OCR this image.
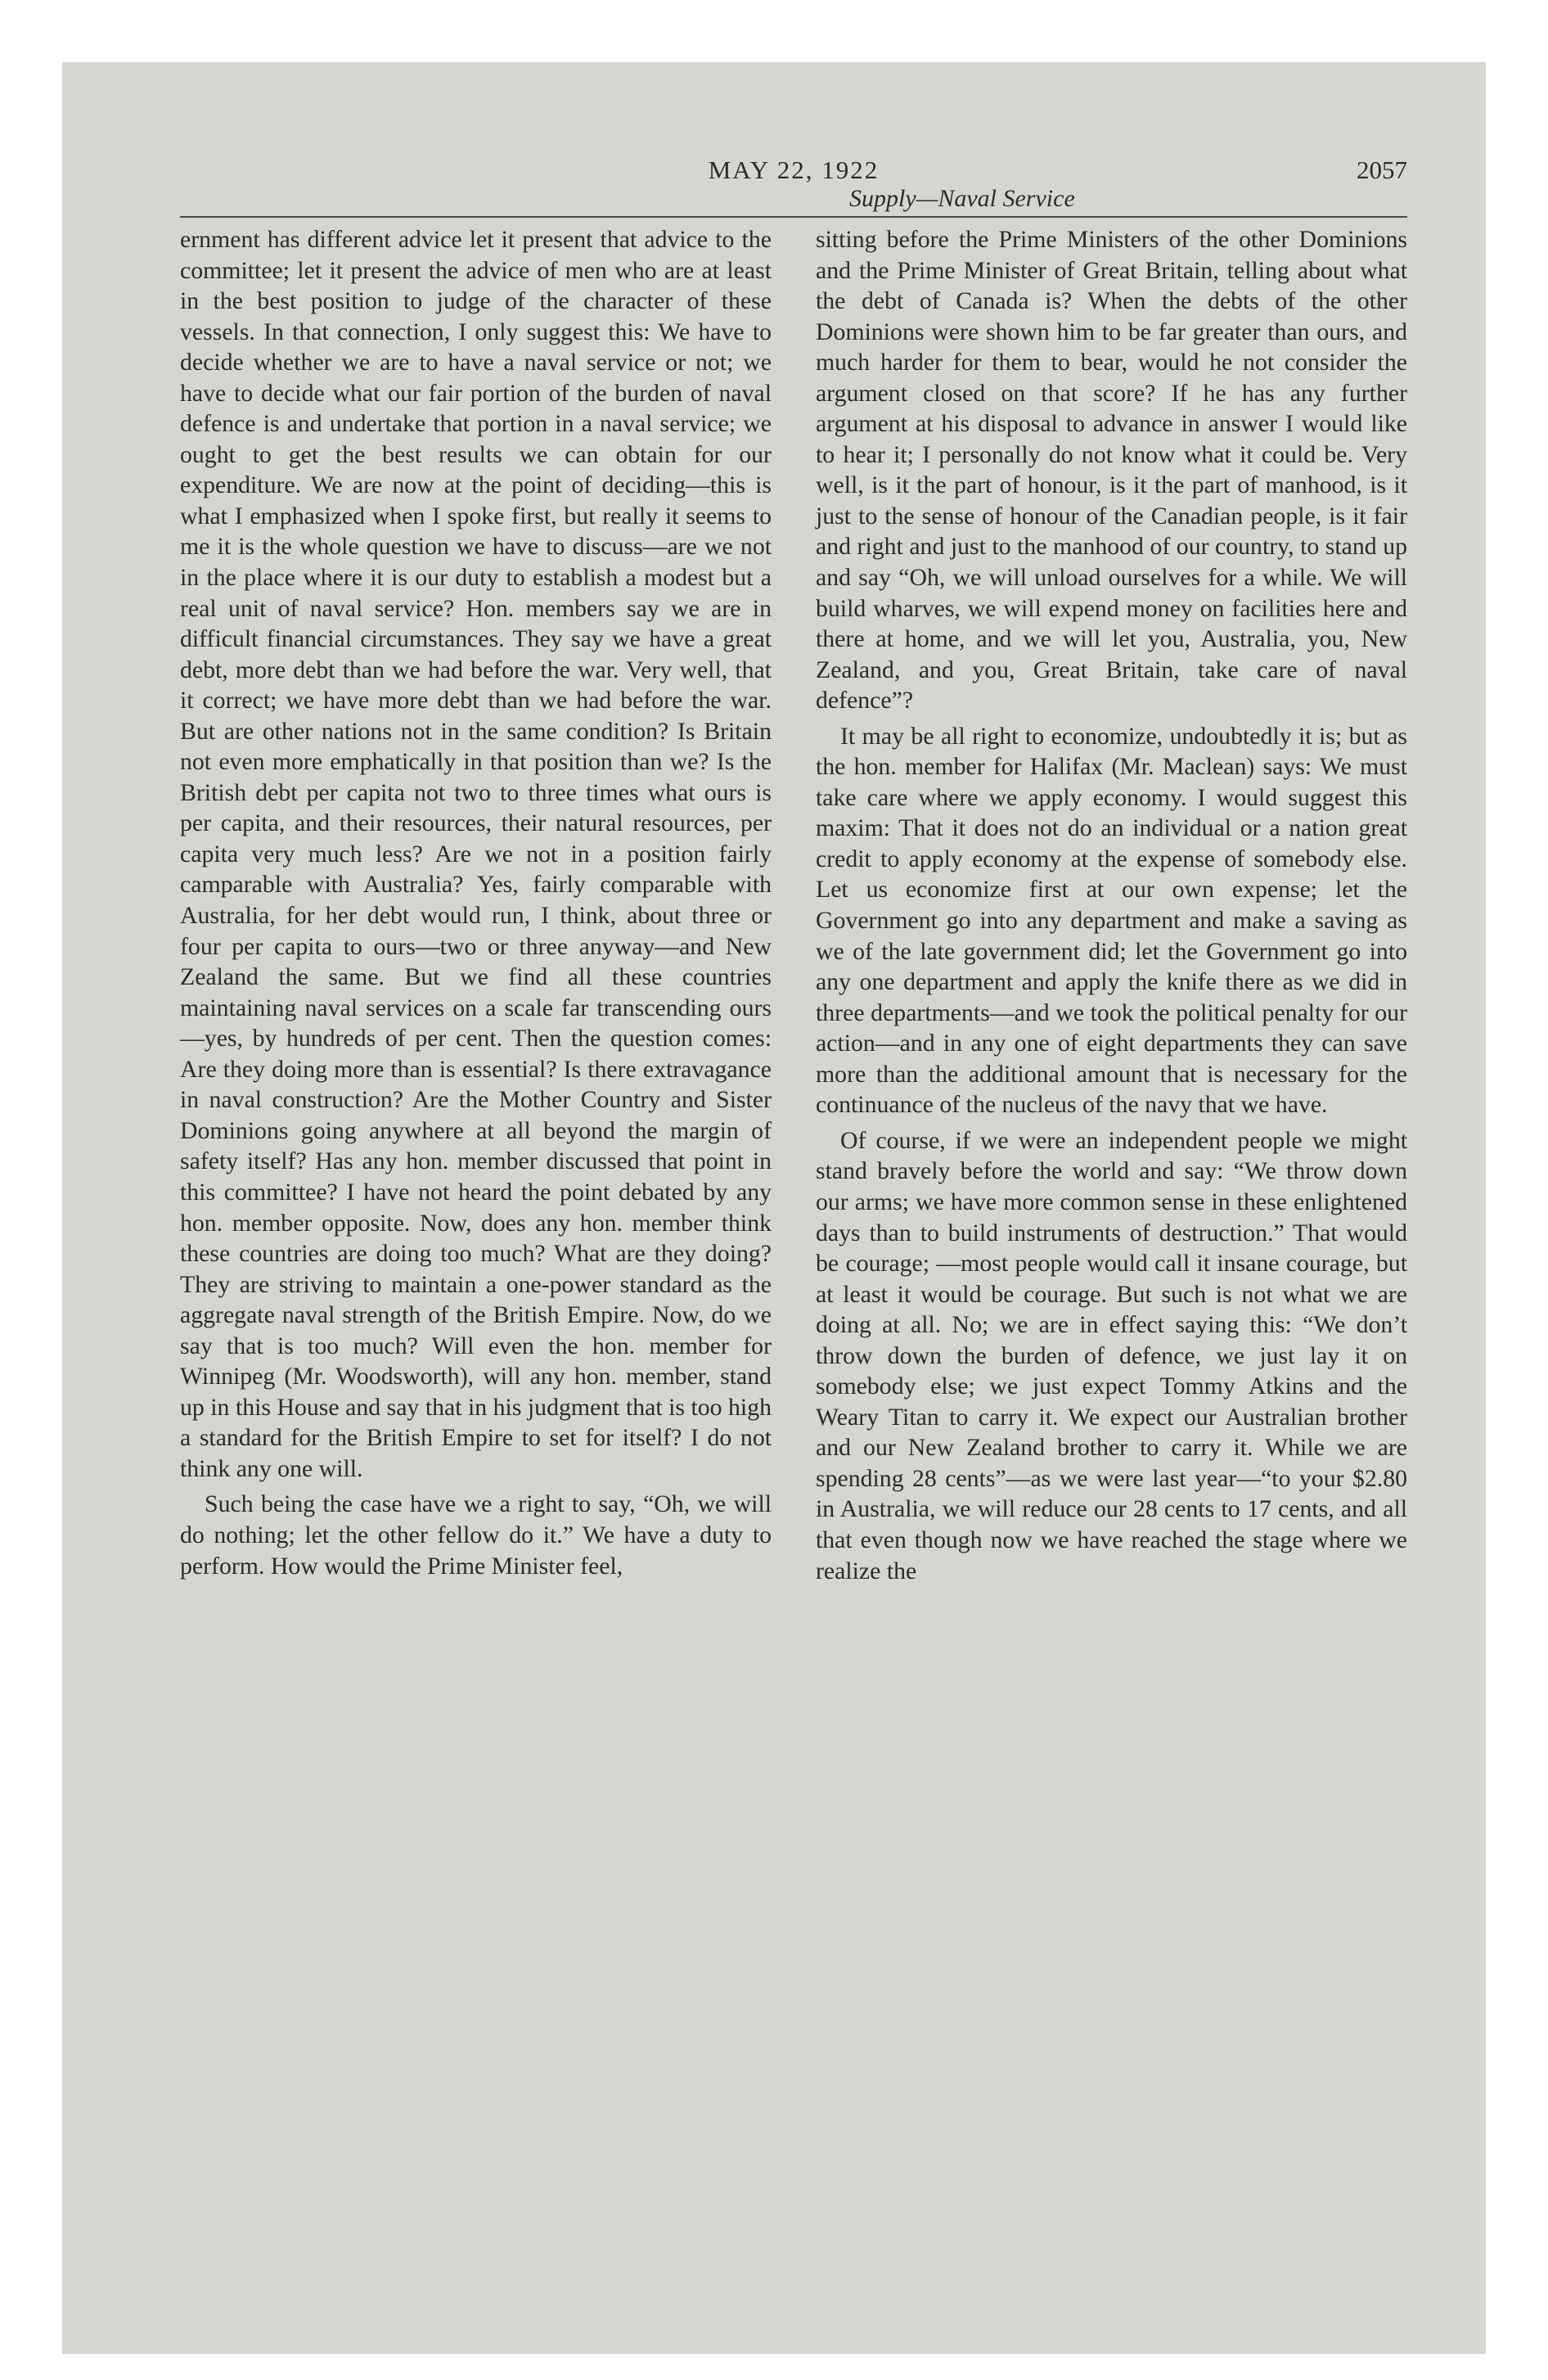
MAY 22, 1922
Supply—Naval Service
2057

ernment has different advice let it present that advice to the committee; let it present the advice of men who are at least in the best position to judge of the character of these vessels. In that connection, I only suggest this: We have to decide whether we are to have a naval service or not; we have to decide what our fair portion of the burden of naval defence is and undertake that portion in a naval service; we ought to get the best results we can obtain for our expenditure. We are now at the point of deciding—this is what I emphasized when I spoke first, but really it seems to me it is the whole question we have to discuss—are we not in the place where it is our duty to establish a modest but a real unit of naval service? Hon. members say we are in difficult financial circumstances. They say we have a great debt, more debt than we had before the war. Very well, that it correct; we have more debt than we had before the war. But are other nations not in the same condition? Is Britain not even more emphatically in that position than we? Is the British debt per capita not two to three times what ours is per capita, and their resources, their natural resources, per capita very much less? Are we not in a position fairly camparable with Australia? Yes, fairly comparable with Australia, for her debt would run, I think, about three or four per capita to ours—two or three anyway—and New Zealand the same. But we find all these countries maintaining naval services on a scale far transcending ours—yes, by hundreds of per cent. Then the question comes: Are they doing more than is essential? Is there extravagance in naval construction? Are the Mother Country and Sister Dominions going anywhere at all beyond the margin of safety itself? Has any hon. member discussed that point in this committee? I have not heard the point debated by any hon. member opposite. Now, does any hon. member think these countries are doing too much? What are they doing? They are striving to maintain a one-power standard as the aggregate naval strength of the British Empire. Now, do we say that is too much? Will even the hon. member for Winnipeg (Mr. Woodsworth), will any hon. member, stand up in this House and say that in his judgment that is too high a standard for the British Empire to set for itself? I do not think any one will.

Such being the case have we a right to say, “Oh, we will do nothing; let the other fellow do it.” We have a duty to perform. How would the Prime Minister feel,

sitting before the Prime Ministers of the other Dominions and the Prime Minister of Great Britain, telling about what the debt of Canada is? When the debts of the other Dominions were shown him to be far greater than ours, and much harder for them to bear, would he not consider the argument closed on that score? If he has any further argument at his disposal to advance in answer I would like to hear it; I personally do not know what it could be. Very well, is it the part of honour, is it the part of manhood, is it just to the sense of honour of the Canadian people, is it fair and right and just to the manhood of our country, to stand up and say “Oh, we will unload ourselves for a while. We will build wharves, we will expend money on facilities here and there at home, and we will let you, Australia, you, New Zealand, and you, Great Britain, take care of naval defence”?

It may be all right to economize, undoubtedly it is; but as the hon. member for Halifax (Mr. Maclean) says: We must take care where we apply economy. I would suggest this maxim: That it does not do an individual or a nation great credit to apply economy at the expense of somebody else. Let us economize first at our own expense; let the Government go into any department and make a saving as we of the late government did; let the Government go into any one department and apply the knife there as we did in three departments—and we took the political penalty for our action—and in any one of eight departments they can save more than the additional amount that is necessary for the continuance of the nucleus of the navy that we have.

Of course, if we were an independent people we might stand bravely before the world and say: “We throw down our arms; we have more common sense in these enlightened days than to build instruments of destruction.” That would be courage; —most people would call it insane courage, but at least it would be courage. But such is not what we are doing at all. No; we are in effect saying this: “We don’t throw down the burden of defence, we just lay it on somebody else; we just expect Tommy Atkins and the Weary Titan to carry it. We expect our Australian brother and our New Zealand brother to carry it. While we are spending 28 cents”—as we were last year—“to your $2.80 in Australia, we will reduce our 28 cents to 17 cents, and all that even though now we have reached the stage where we realize the
